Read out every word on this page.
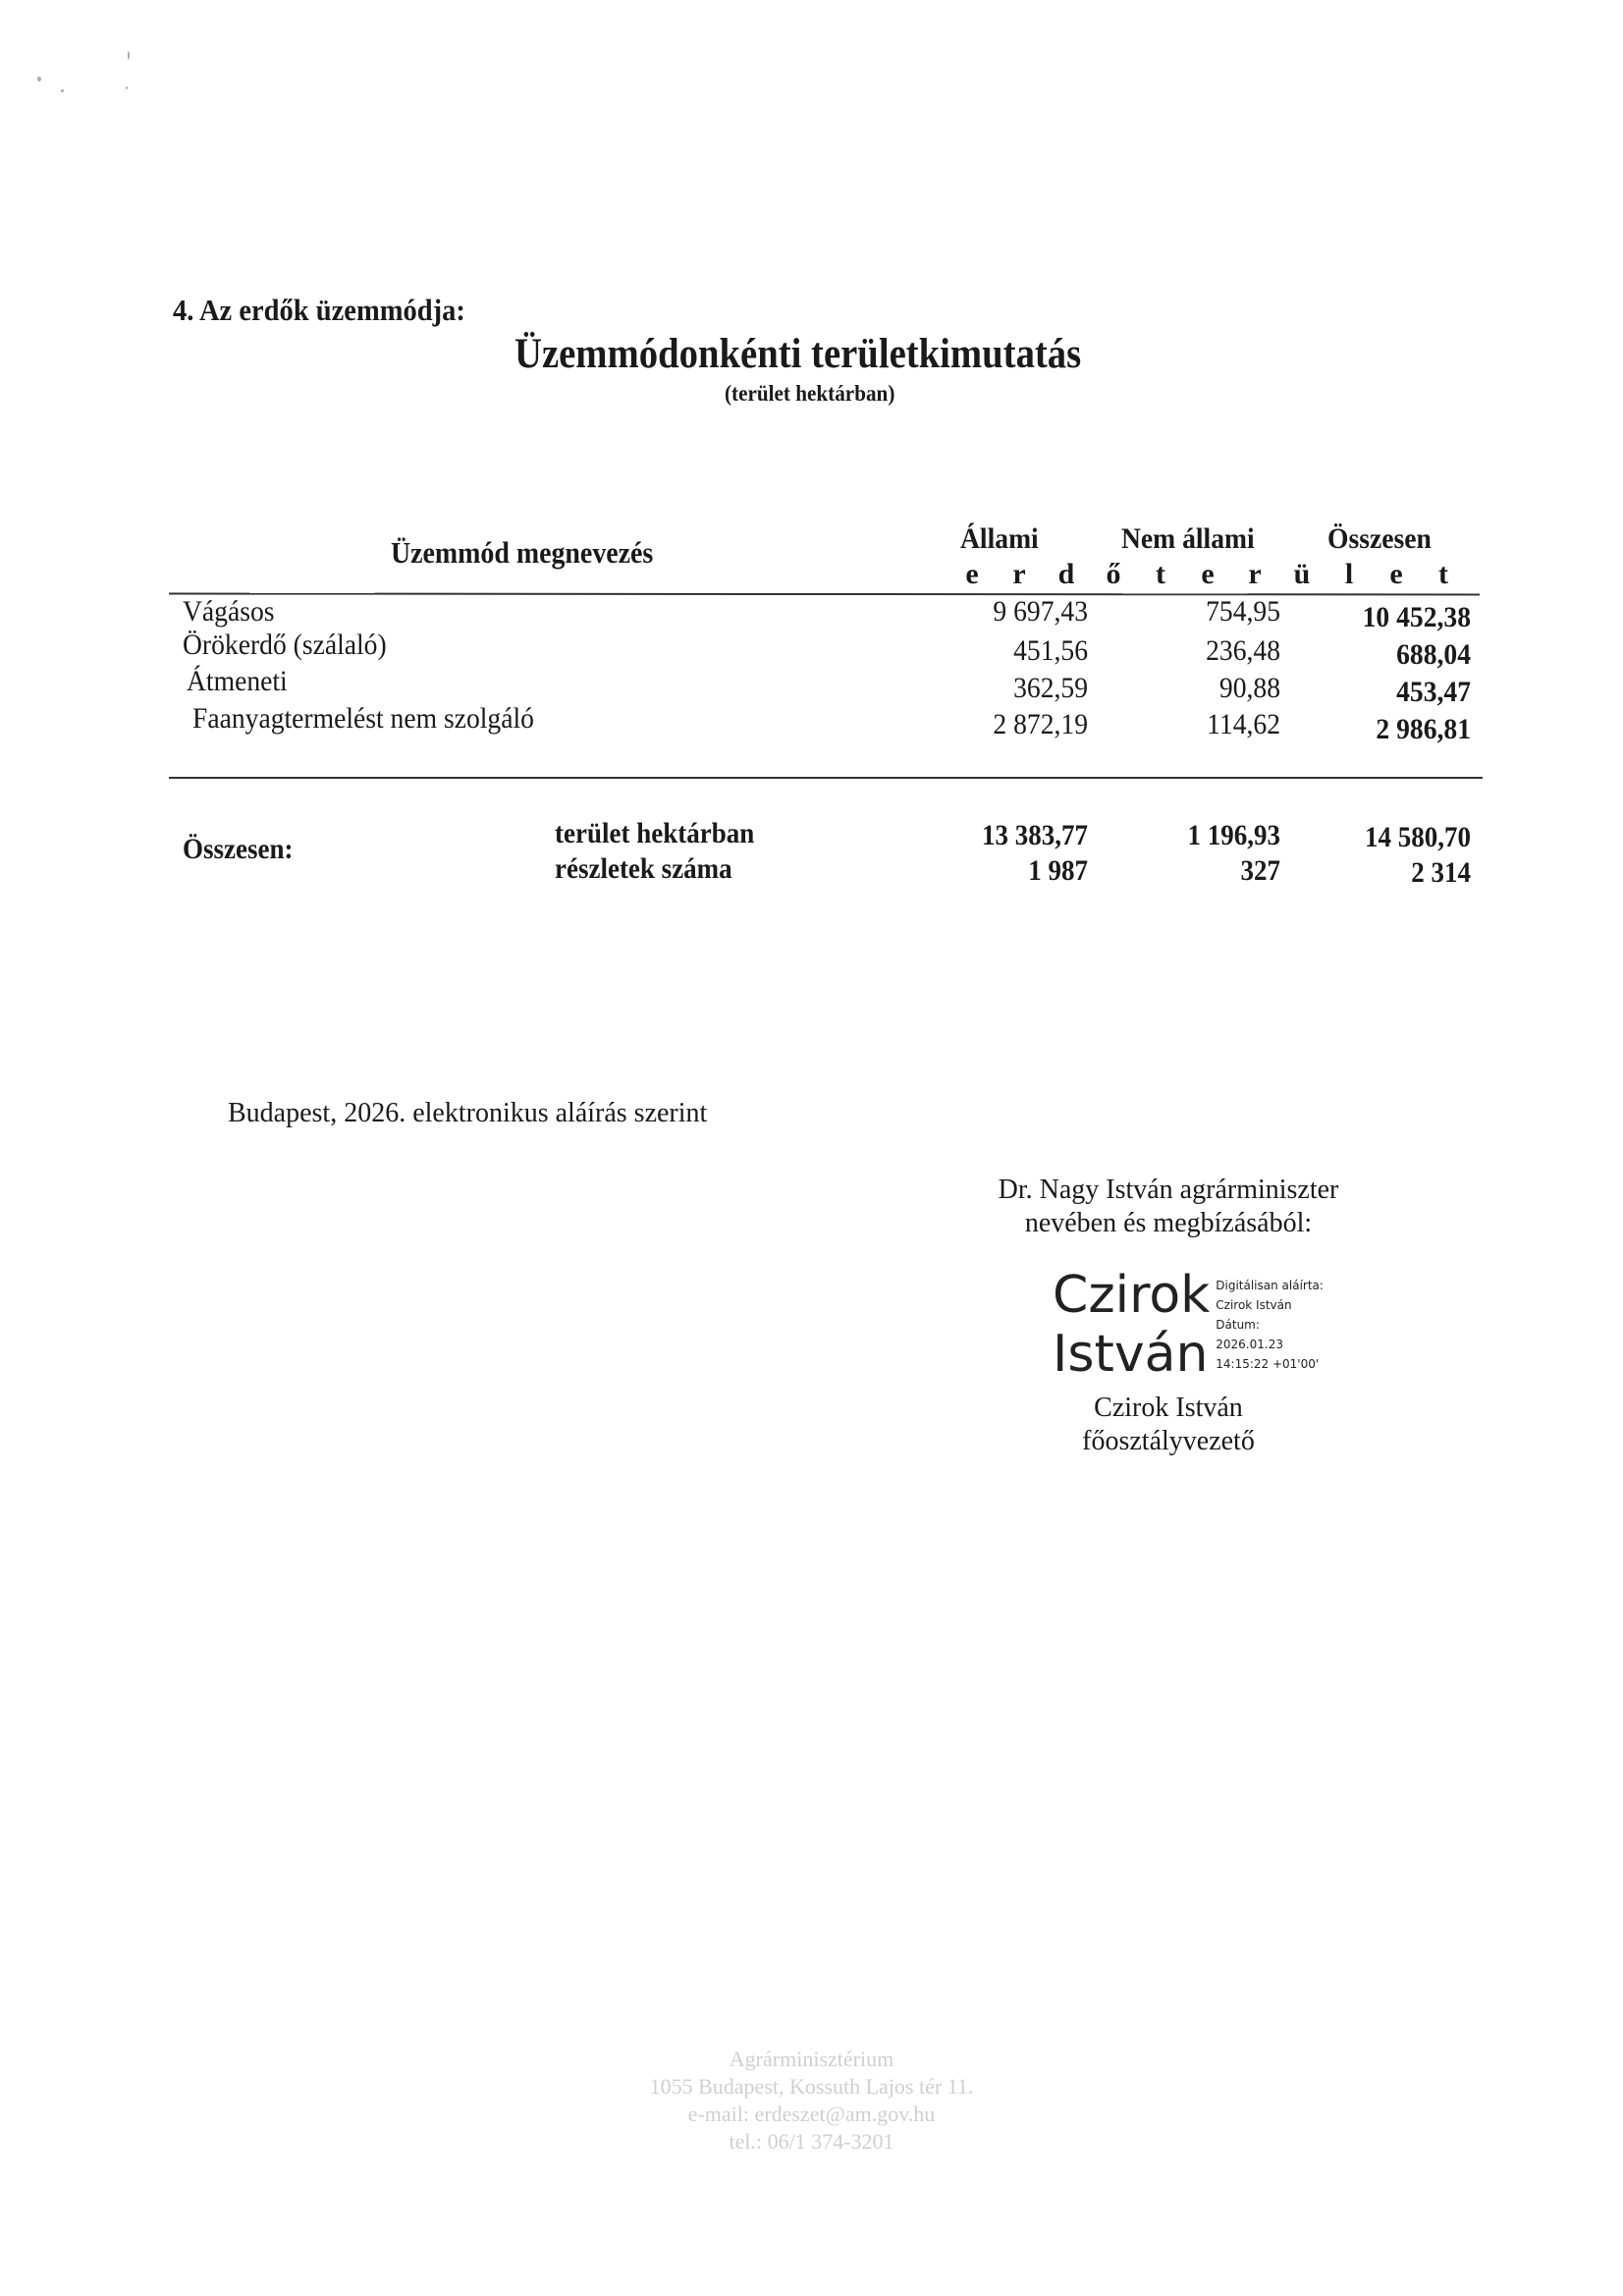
4. Az erdők üzemmódja:
Üzemmódonkénti területkimutatás
(terület hektárban)
Üzemmód megnevezés	Állami	Nem állami Összesen
e r d ő t e r ü l e t
Vágásos	9 697,43	754,95	10 452,38
Örökerdő (szálaló)	451,56	236,48	688,04
Átmeneti	362,59	90,88	453,47
Faanyagtermelést nem szolgáló	2 872,19	114,62	2 986,81
Összesen:	terület hektárban	13 383,77	1 196,93	14 580,70
részletek száma	1 987	327	2 314
Budapest, 2026. elektronikus aláírás szerint
Dr. Nagy István agrárminiszter
nevében és megbízásából:
Czirok
István
Digitálisan aláírta:
Czirok István
Dátum:
2026.01.23
14:15:22 +01'00'
Czirok István
főosztályvezető
Agrárminisztérium
1055 Budapest, Kossuth Lajos tér 11.
e-mail: erdeszet@am.gov.hu
tel.: 06/1 374-3201
